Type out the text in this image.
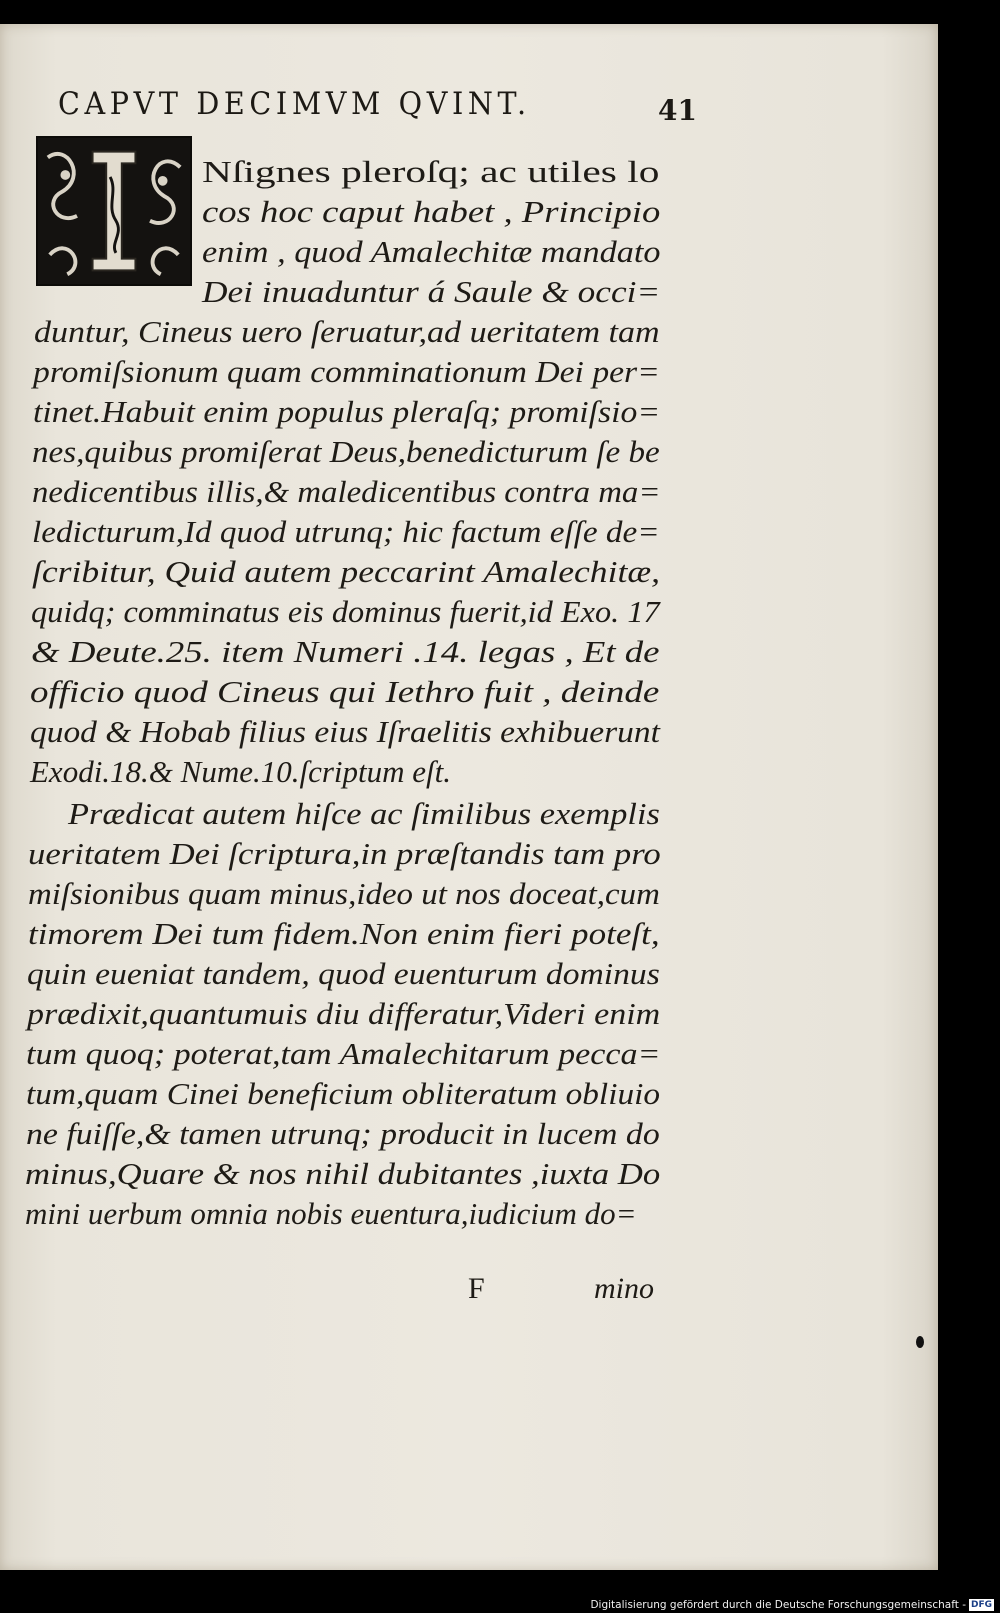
CAPVT DECIMVM QVINT.	41
Nſignes pleroſq; ac utiles lo
cos hoc caput habet , Principio
enim , quod Amalechitæ mandato
Dei inuaduntur á Saule & occi=
duntur, Cineus uero ſeruatur,ad ueritatem tam
promiſsionum quam comminationum Dei per=
tinet.Habuit enim populus pleraſq; promiſsio=
nes,quibus promiſerat Deus,benedicturum ſe be
nedicentibus illis,& maledicentibus contra ma=
ledicturum,Id quod utrunq; hic factum eſſe de=
ſcribitur, Quid autem peccarint Amalechitæ,
quidq; comminatus eis dominus fuerit,id Exo. 17
& Deute.25. item Numeri .14. legas , Et de
officio quod Cineus qui Iethro fuit , deinde
quod & Hobab filius eius Iſraelitis exhibuerunt
Exodi.18.& Nume.10.ſcriptum eſt.
Prædicat autem hiſce ac ſimilibus exemplis
ueritatem Dei ſcriptura,in præſtandis tam pro
miſsionibus quam minus,ideo ut nos doceat,cum
timorem Dei tum fidem.Non enim fieri poteſt,
quin eueniat tandem, quod euenturum dominus
prædixit,quantumuis diu differatur,Videri enim
tum quoq; poterat,tam Amalechitarum pecca=
tum,quam Cinei beneficium obliteratum obliuio
ne fuiſſe,& tamen utrunq; producit in lucem do
minus,Quare & nos nihil dubitantes ,iuxta Do
mini uerbum omnia nobis euentura,iudicium do=
F	mino
Digitalisierung gefördert durch die Deutsche Forschungsgemeinschaft - DFG
